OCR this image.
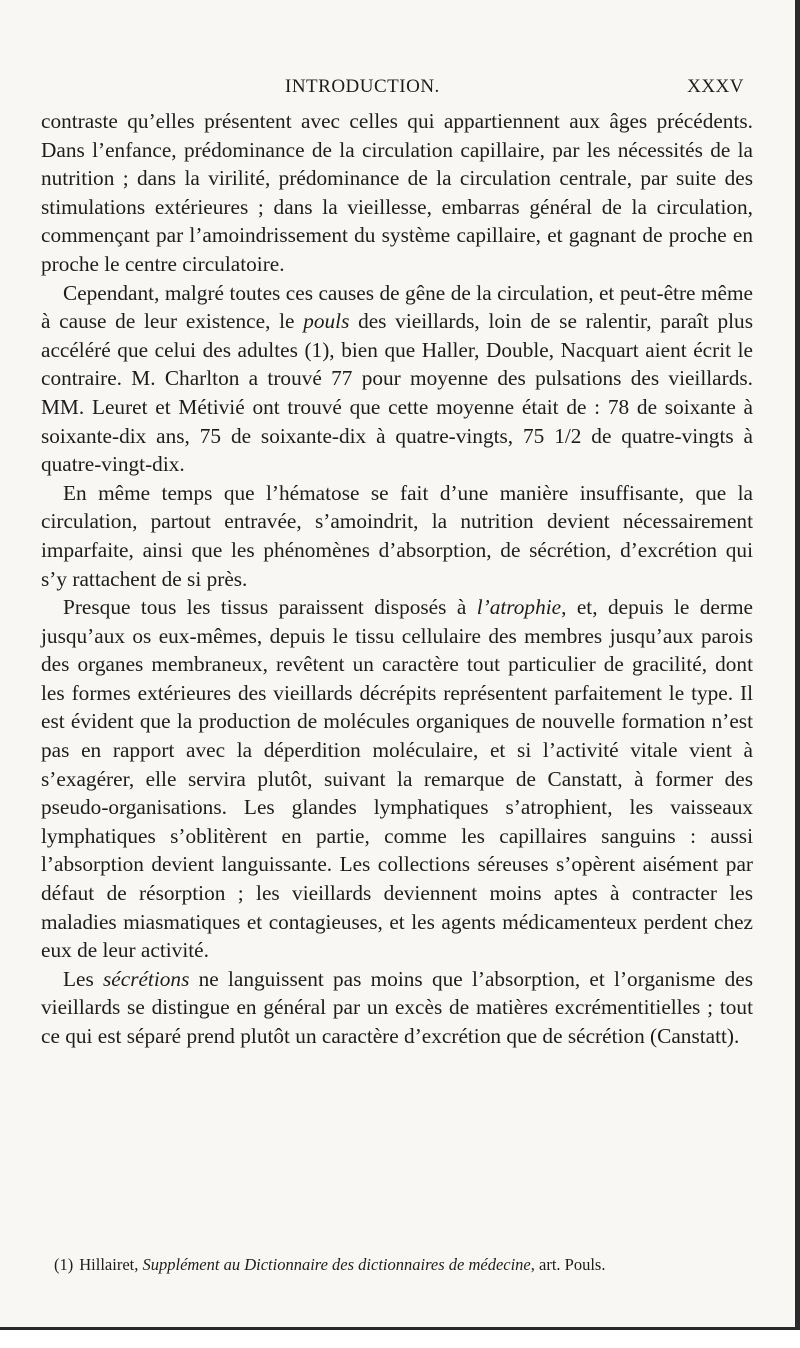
INTRODUCTION.	XXXV

contraste qu’elles présentent avec celles qui appartiennent aux âges précédents. Dans l’enfance, prédominance de la circulation capillaire, par les nécessités de la nutrition ; dans la virilité, prédominance de la circulation centrale, par suite des stimulations extérieures ; dans la vieillesse, embarras général de la circulation, commençant par l’amoindrissement du système capillaire, et gagnant de proche en proche le centre circulatoire.

Cependant, malgré toutes ces causes de gêne de la circulation, et peut-être même à cause de leur existence, le pouls des vieillards, loin de se ralentir, paraît plus accéléré que celui des adultes (1), bien que Haller, Double, Nacquart aient écrit le contraire. M. Charlton a trouvé 77 pour moyenne des pulsations des vieillards. MM. Leuret et Métivié ont trouvé que cette moyenne était de : 78 de soixante à soixante-dix ans, 75 de soixante-dix à quatre-vingts, 75 1/2 de quatre-vingts à quatre-vingt-dix.

En même temps que l’hématose se fait d’une manière insuffisante, que la circulation, partout entravée, s’amoindrit, la nutrition devient nécessairement imparfaite, ainsi que les phénomènes d’absorption, de sécrétion, d’excrétion qui s’y rattachent de si près.

Presque tous les tissus paraissent disposés à l’atrophie, et, depuis le derme jusqu’aux os eux-mêmes, depuis le tissu cellulaire des membres jusqu’aux parois des organes membraneux, revêtent un caractère tout particulier de gracilité, dont les formes extérieures des vieillards décrépits représentent parfaitement le type. Il est évident que la production de molécules organiques de nouvelle formation n’est pas en rapport avec la déperdition moléculaire, et si l’activité vitale vient à s’exagérer, elle servira plutôt, suivant la remarque de Canstatt, à former des pseudo-organisations. Les glandes lymphatiques s’atrophient, les vaisseaux lymphatiques s’oblitèrent en partie, comme les capillaires sanguins : aussi l’absorption devient languissante. Les collections séreuses s’opèrent aisément par défaut de résorption ; les vieillards deviennent moins aptes à contracter les maladies miasmatiques et contagieuses, et les agents médicamenteux perdent chez eux de leur activité.

Les sécrétions ne languissent pas moins que l’absorption, et l’organisme des vieillards se distingue en général par un excès de matières excrémentitielles ; tout ce qui est séparé prend plutôt un caractère d’excrétion que de sécrétion (Canstatt).

(1) Hillairet, Supplément au Dictionnaire des dictionnaires de médecine, art. Pouls.
